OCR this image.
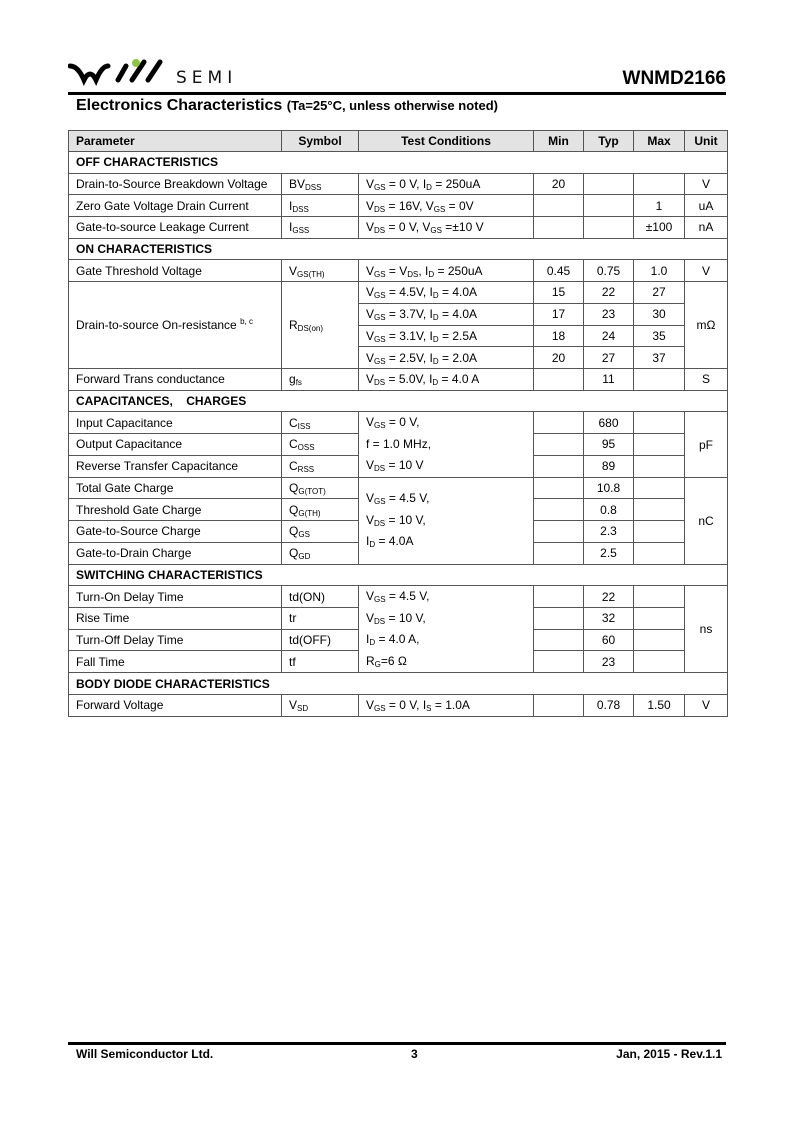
SEMI	WNMD2166
Electronics Characteristics (Ta=25°C, unless otherwise noted)
Parameter	Symbol	Test Conditions	Min	Typ	Max	Unit
OFF CHARACTERISTICS						
Drain-to-Source Breakdown Voltage	$BV_{DSS}$	$V_{GS} = 0$ V, $I_D = 250uA$	20			V
Zero Gate Voltage Drain Current	$I_{DSS}$	$V_{DS} = 16V$, $V_{GS} = 0V$			1	uA
Gate-to-source Leakage Current	$I_{GSS}$	$V_{DS} = 0$ V, $V_{GS} =\pm 10$ V			±100	nA
ON CHARACTERISTICS						
Gate Threshold Voltage	$V_{GS(TH)}$	$V_{GS} = V_{DS}$, $I_D = 250uA$	0.45	0.75	1.0	V
Drain-to-source On-resistance $^{b, c}$	$R_{DS(on)}$	$V_{GS} = 4.5V$, $I_D = 4.0A$	15	22	27	mΩ
		$V_{GS} = 3.7V$, $I_D = 4.0A$	17	23	30	
		$V_{GS} = 3.1V$, $I_D = 2.5A$	18	24	35	
		$V_{GS} = 2.5V$, $I_D = 2.0A$	20	27	37	
Forward Trans conductance	$g_{fs}$	$V_{DS} = 5.0V$, $I_D = 4.0$ A		11		S
CAPACITANCES,    CHARGES						
Input Capacitance	$C_{ISS}$	$V_{GS} = 0$ V,
f = 1.0 MHz,
$V_{DS} = 10$ V		680		pF
Output Capacitance	$C_{OSS}$			95		
Reverse Transfer Capacitance	$C_{RSS}$			89		
Total Gate Charge	$Q_{G(TOT)}$	$V_{GS} = 4.5$ V,
$V_{DS} = 10$ V,
$I_D = 4.0A$		10.8		nC
Threshold Gate Charge	$Q_{G(TH)}$			0.8		
Gate-to-Source Charge	$Q_{GS}$			2.3		
Gate-to-Drain Charge	$Q_{GD}$			2.5		
SWITCHING CHARACTERISTICS						
Turn-On Delay Time	td(ON)	$V_{GS} = 4.5$ V,
$V_{DS} = 10$ V,
$I_D = 4.0$ A,
$R_G=6$ Ω		22		ns
Rise Time	tr			32		
Turn-Off Delay Time	td(OFF)			60		
Fall Time	tf			23		
BODY DIODE CHARACTERISTICS						
Forward Voltage	$V_{SD}$	$V_{GS} = 0$ V, $I_S = 1.0A$		0.78	1.50	V
Will Semiconductor Ltd.	3	Jan, 2015 - Rev.1.1
